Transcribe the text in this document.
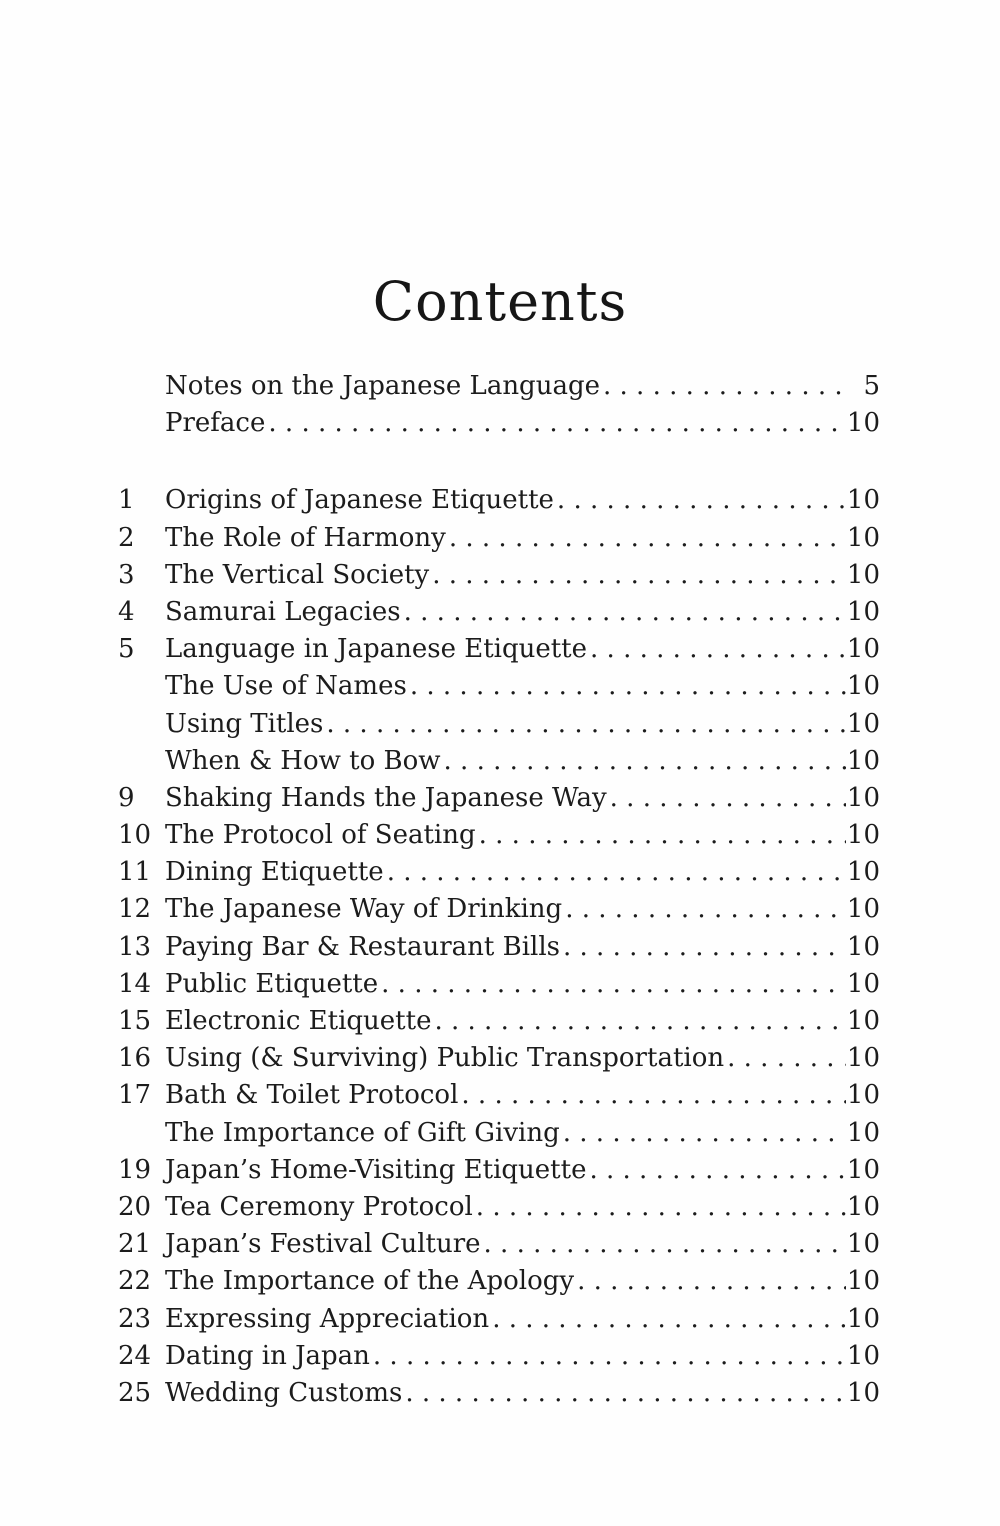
Contents
Notes on the Japanese Language . . .	5
Preface . . .	10
1	Origins of Japanese Etiquette . . .	10
2	The Role of Harmony . . .	10
3	The Vertical Society . . .	10
4	Samurai Legacies . . .	10
5	Language in Japanese Etiquette . . .	10
The Use of Names . . .	10
Using Titles . . .	10
When & How to Bow . . .	10
9	Shaking Hands the Japanese Way . . .	10
10 The Protocol of Seating . . .	10
11 Dining Etiquette . . .	10
12 The Japanese Way of Drinking . . .	10
13 Paying Bar & Restaurant Bills . . .	10
14 Public Etiquette . . .	10
15 Electronic Etiquette . . .	10
16 Using (& Surviving) Public Transportation . . .	10
17 Bath & Toilet Protocol . . .	10
The Importance of Gift Giving . . .	10
19 Japan’s Home-Visiting Etiquette . . .	10
20 Tea Ceremony Protocol . . .	10
21 Japan’s Festival Culture . . .	10
22 The Importance of the Apology . . .	10
23 Expressing Appreciation . . .	10
24 Dating in Japan . . .	10
25 Wedding Customs . . .	10
